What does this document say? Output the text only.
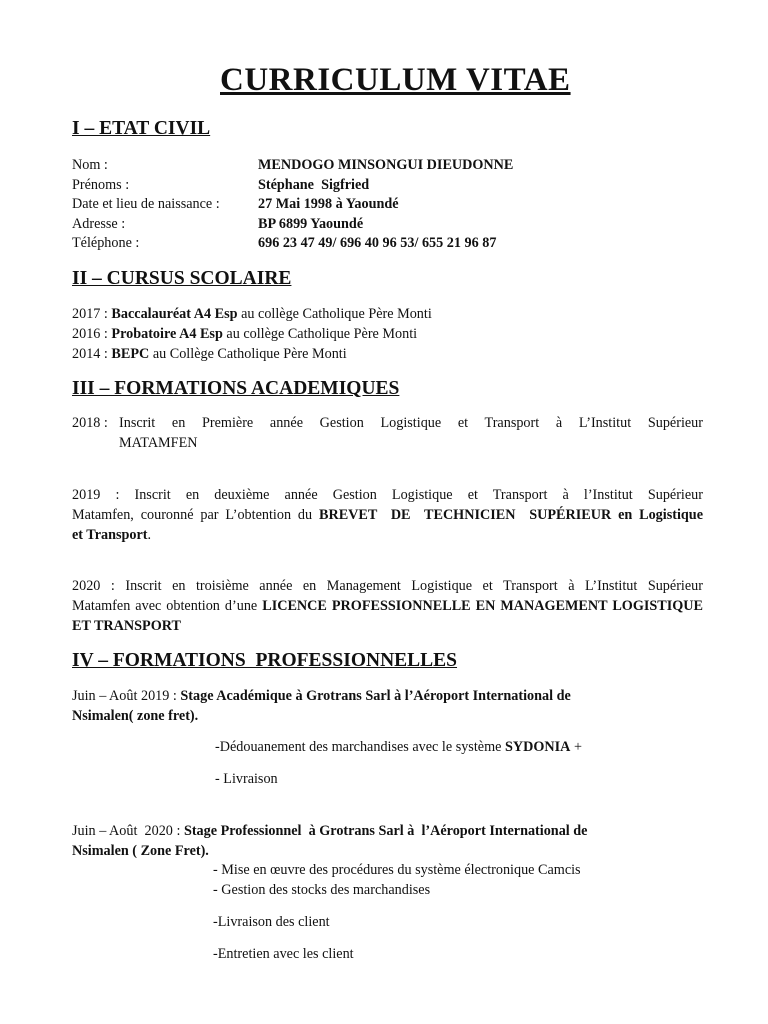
CURRICULUM VITAE
I – ETAT CIVIL
Nom :	MENDOGO MINSONGUI DIEUDONNE
Prénoms :	Stéphane  Sigfried
Date et lieu de naissance :	27 Mai 1998 à Yaoundé
Adresse :	BP 6899 Yaoundé
Téléphone :	696 23 47 49/ 696 40 96 53/ 655 21 96 87
II – CURSUS SCOLAIRE
2017 : Baccalauréat A4 Esp au collège Catholique Père Monti
2016 : Probatoire A4 Esp au collège Catholique Père Monti
2014 : BEPC au Collège Catholique Père Monti
III – FORMATIONS ACADEMIQUES
2018 : Inscrit en Première année Gestion Logistique et Transport à L’Institut Supérieur
MATAMFEN
2019 : Inscrit en deuxième année Gestion Logistique et Transport à l’Institut Supérieur
Matamfen, couronné par L’obtention du BREVET  DE  TECHNICIEN  SUPÉRIEUR en Logistique
et Transport.
2020 : Inscrit en troisième année en Management Logistique et Transport à L’Institut Supérieur
Matamfen avec obtention d’une LICENCE PROFESSIONNELLE EN MANAGEMENT LOGISTIQUE
ET TRANSPORT
IV – FORMATIONS  PROFESSIONNELLES
Juin – Août 2019 : Stage Académique à Grotrans Sarl à l’Aéroport International de
Nsimalen( zone fret).
-Dédouanement des marchandises avec le système SYDONIA +
- Livraison
Juin – Août  2020 : Stage Professionnel  à Grotrans Sarl à  l’Aéroport International de
Nsimalen ( Zone Fret).
- Mise en œuvre des procédures du système électronique Camcis
- Gestion des stocks des marchandises
-Livraison des client
-Entretien avec les client
